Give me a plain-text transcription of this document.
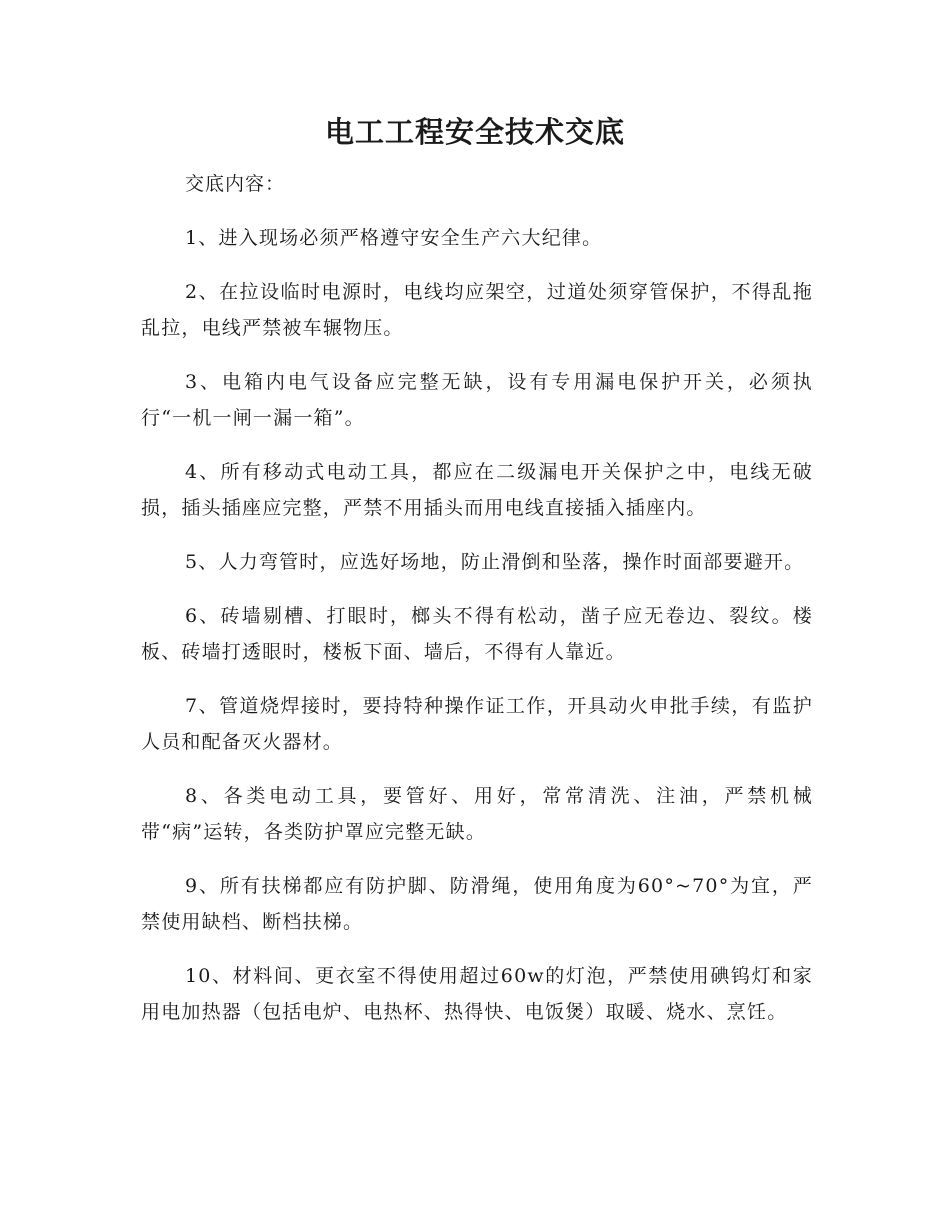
电工工程安全技术交底

交底内容：

1、进入现场必须严格遵守安全生产六大纪律。
2、在拉设临时电源时，电线均应架空，过道处须穿管保护，不得乱拖乱拉，电线严禁被车辗物压。
3、电箱内电气设备应完整无缺，设有专用漏电保护开关，必须执行“一机一闸一漏一箱”。
4、所有移动式电动工具，都应在二级漏电开关保护之中，电线无破损，插头插座应完整，严禁不用插头而用电线直接插入插座内。
5、人力弯管时，应选好场地，防止滑倒和坠落，操作时面部要避开。
6、砖墙剔槽、打眼时，榔头不得有松动，凿子应无卷边、裂纹。楼板、砖墙打透眼时，楼板下面、墙后，不得有人靠近。
7、管道烧焊接时，要持特种操作证工作，开具动火申批手续，有监护人员和配备灭火器材。
8、各类电动工具，要管好、用好，常常清洗、注油，严禁机械带“病”运转，各类防护罩应完整无缺。
9、所有扶梯都应有防护脚、防滑绳，使用角度为60°~70°为宜，严禁使用缺档、断档扶梯。
10、材料间、更衣室不得使用超过60w的灯泡，严禁使用碘钨灯和家用电加热器（包括电炉、电热杯、热得快、电饭煲）取暖、烧水、烹饪。
